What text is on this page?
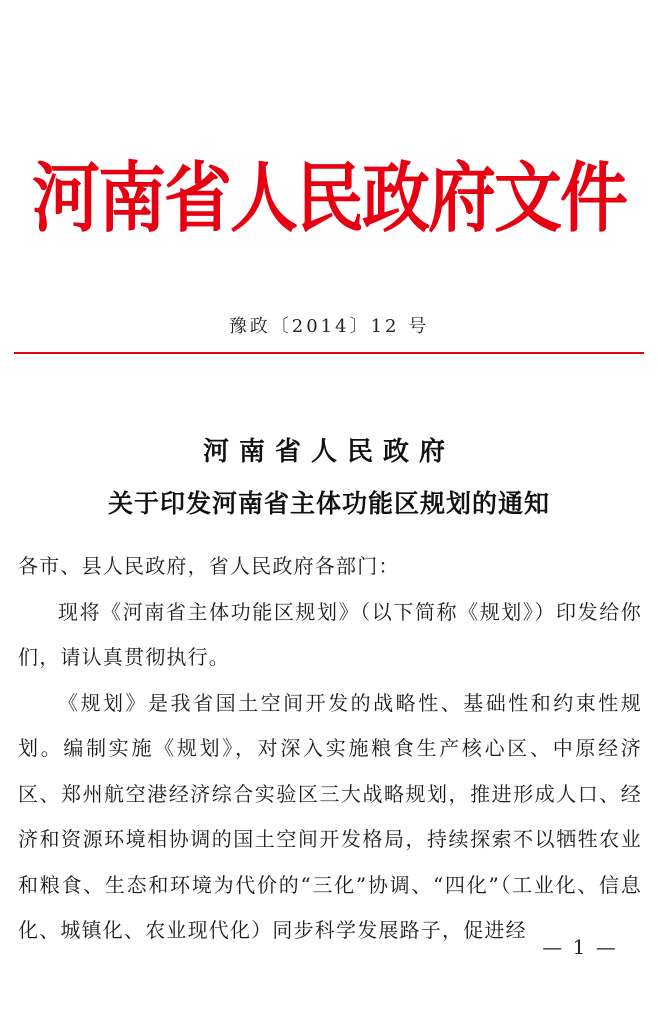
河南省人民政府文件
豫政〔2014〕12 号
河南省人民政府
关于印发河南省主体功能区规划的通知

各市、县人民政府，省人民政府各部门：

现将《河南省主体功能区规划》（以下简称《规划》）印发给你们，请认真贯彻执行。

《规划》是我省国土空间开发的战略性、基础性和约束性规划。编制实施《规划》，对深入实施粮食生产核心区、中原经济区、郑州航空港经济综合实验区三大战略规划，推进形成人口、经济和资源环境相协调的国土空间开发格局，持续探索不以牺牲农业和粮食、生态和环境为代价的“三化”协调、“四化”（工业化、信息化、城镇化、农业现代化）同步科学发展路子，促进经

— 1 —
